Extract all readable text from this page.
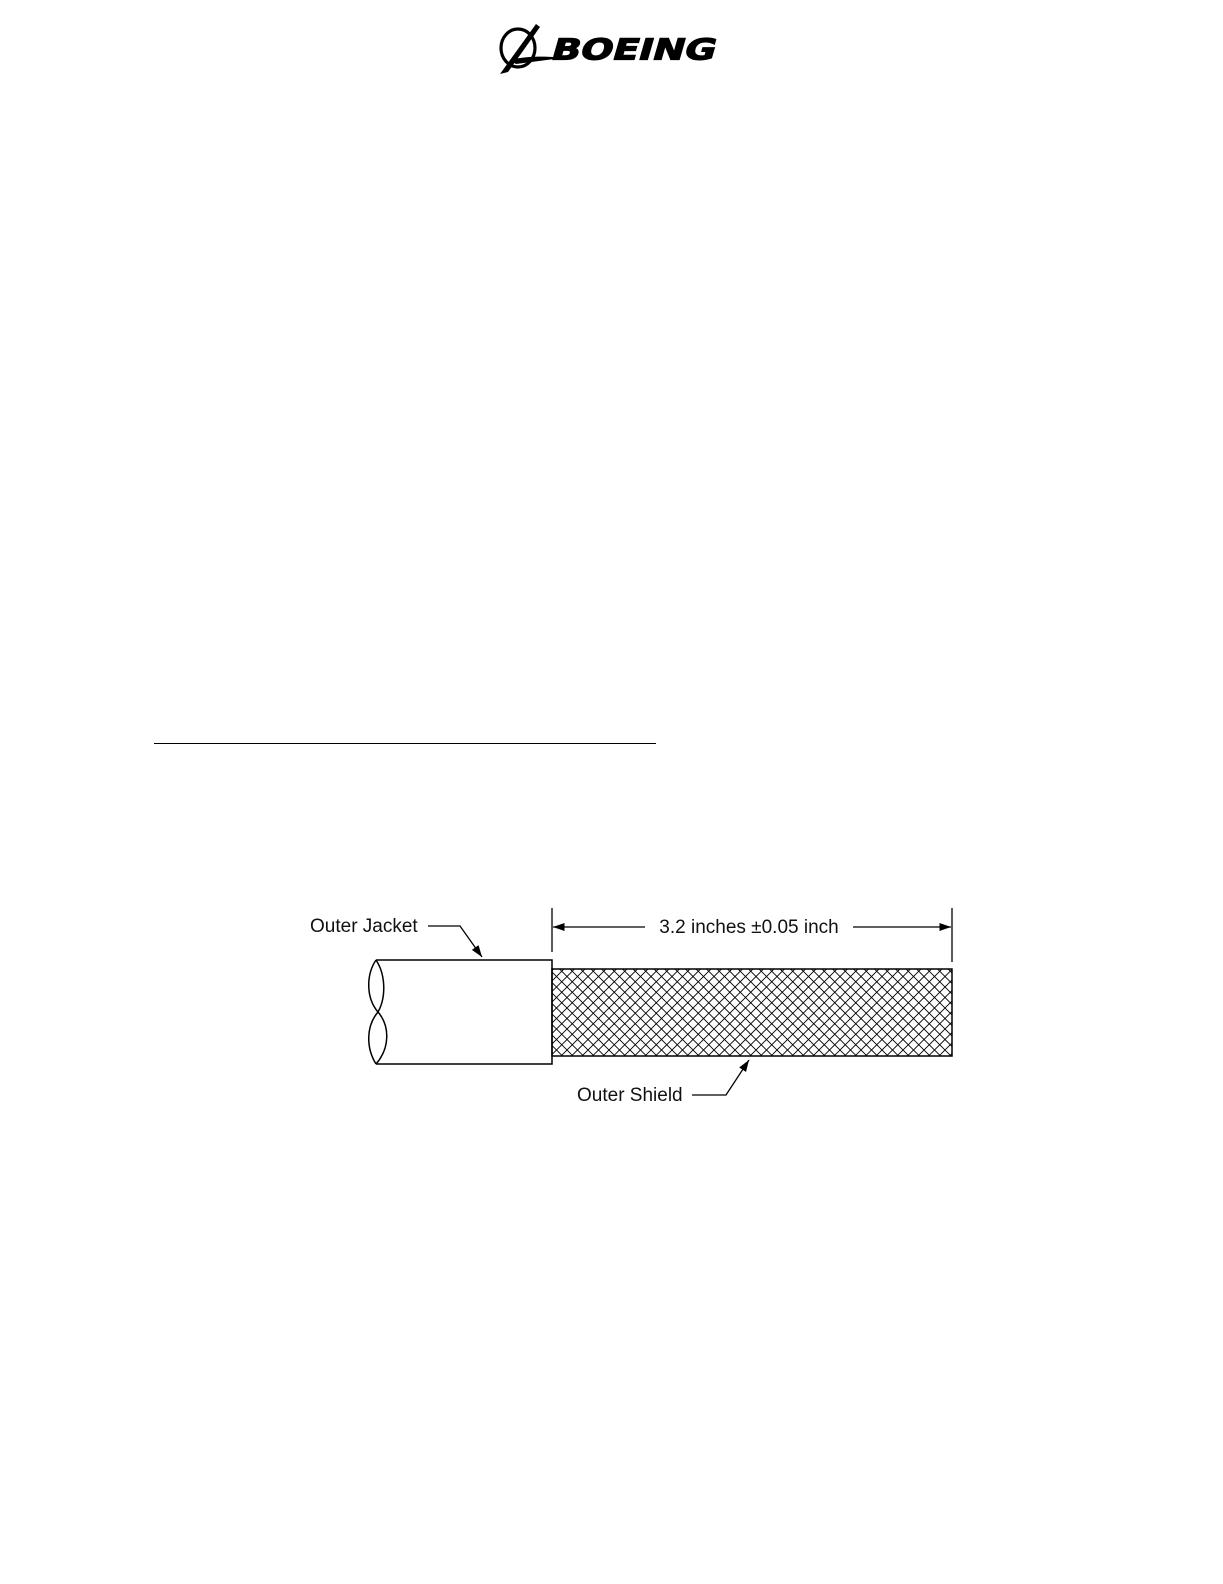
BOEING
3.2 inches ±0.05 inch
Outer Jacket
Outer Shield
